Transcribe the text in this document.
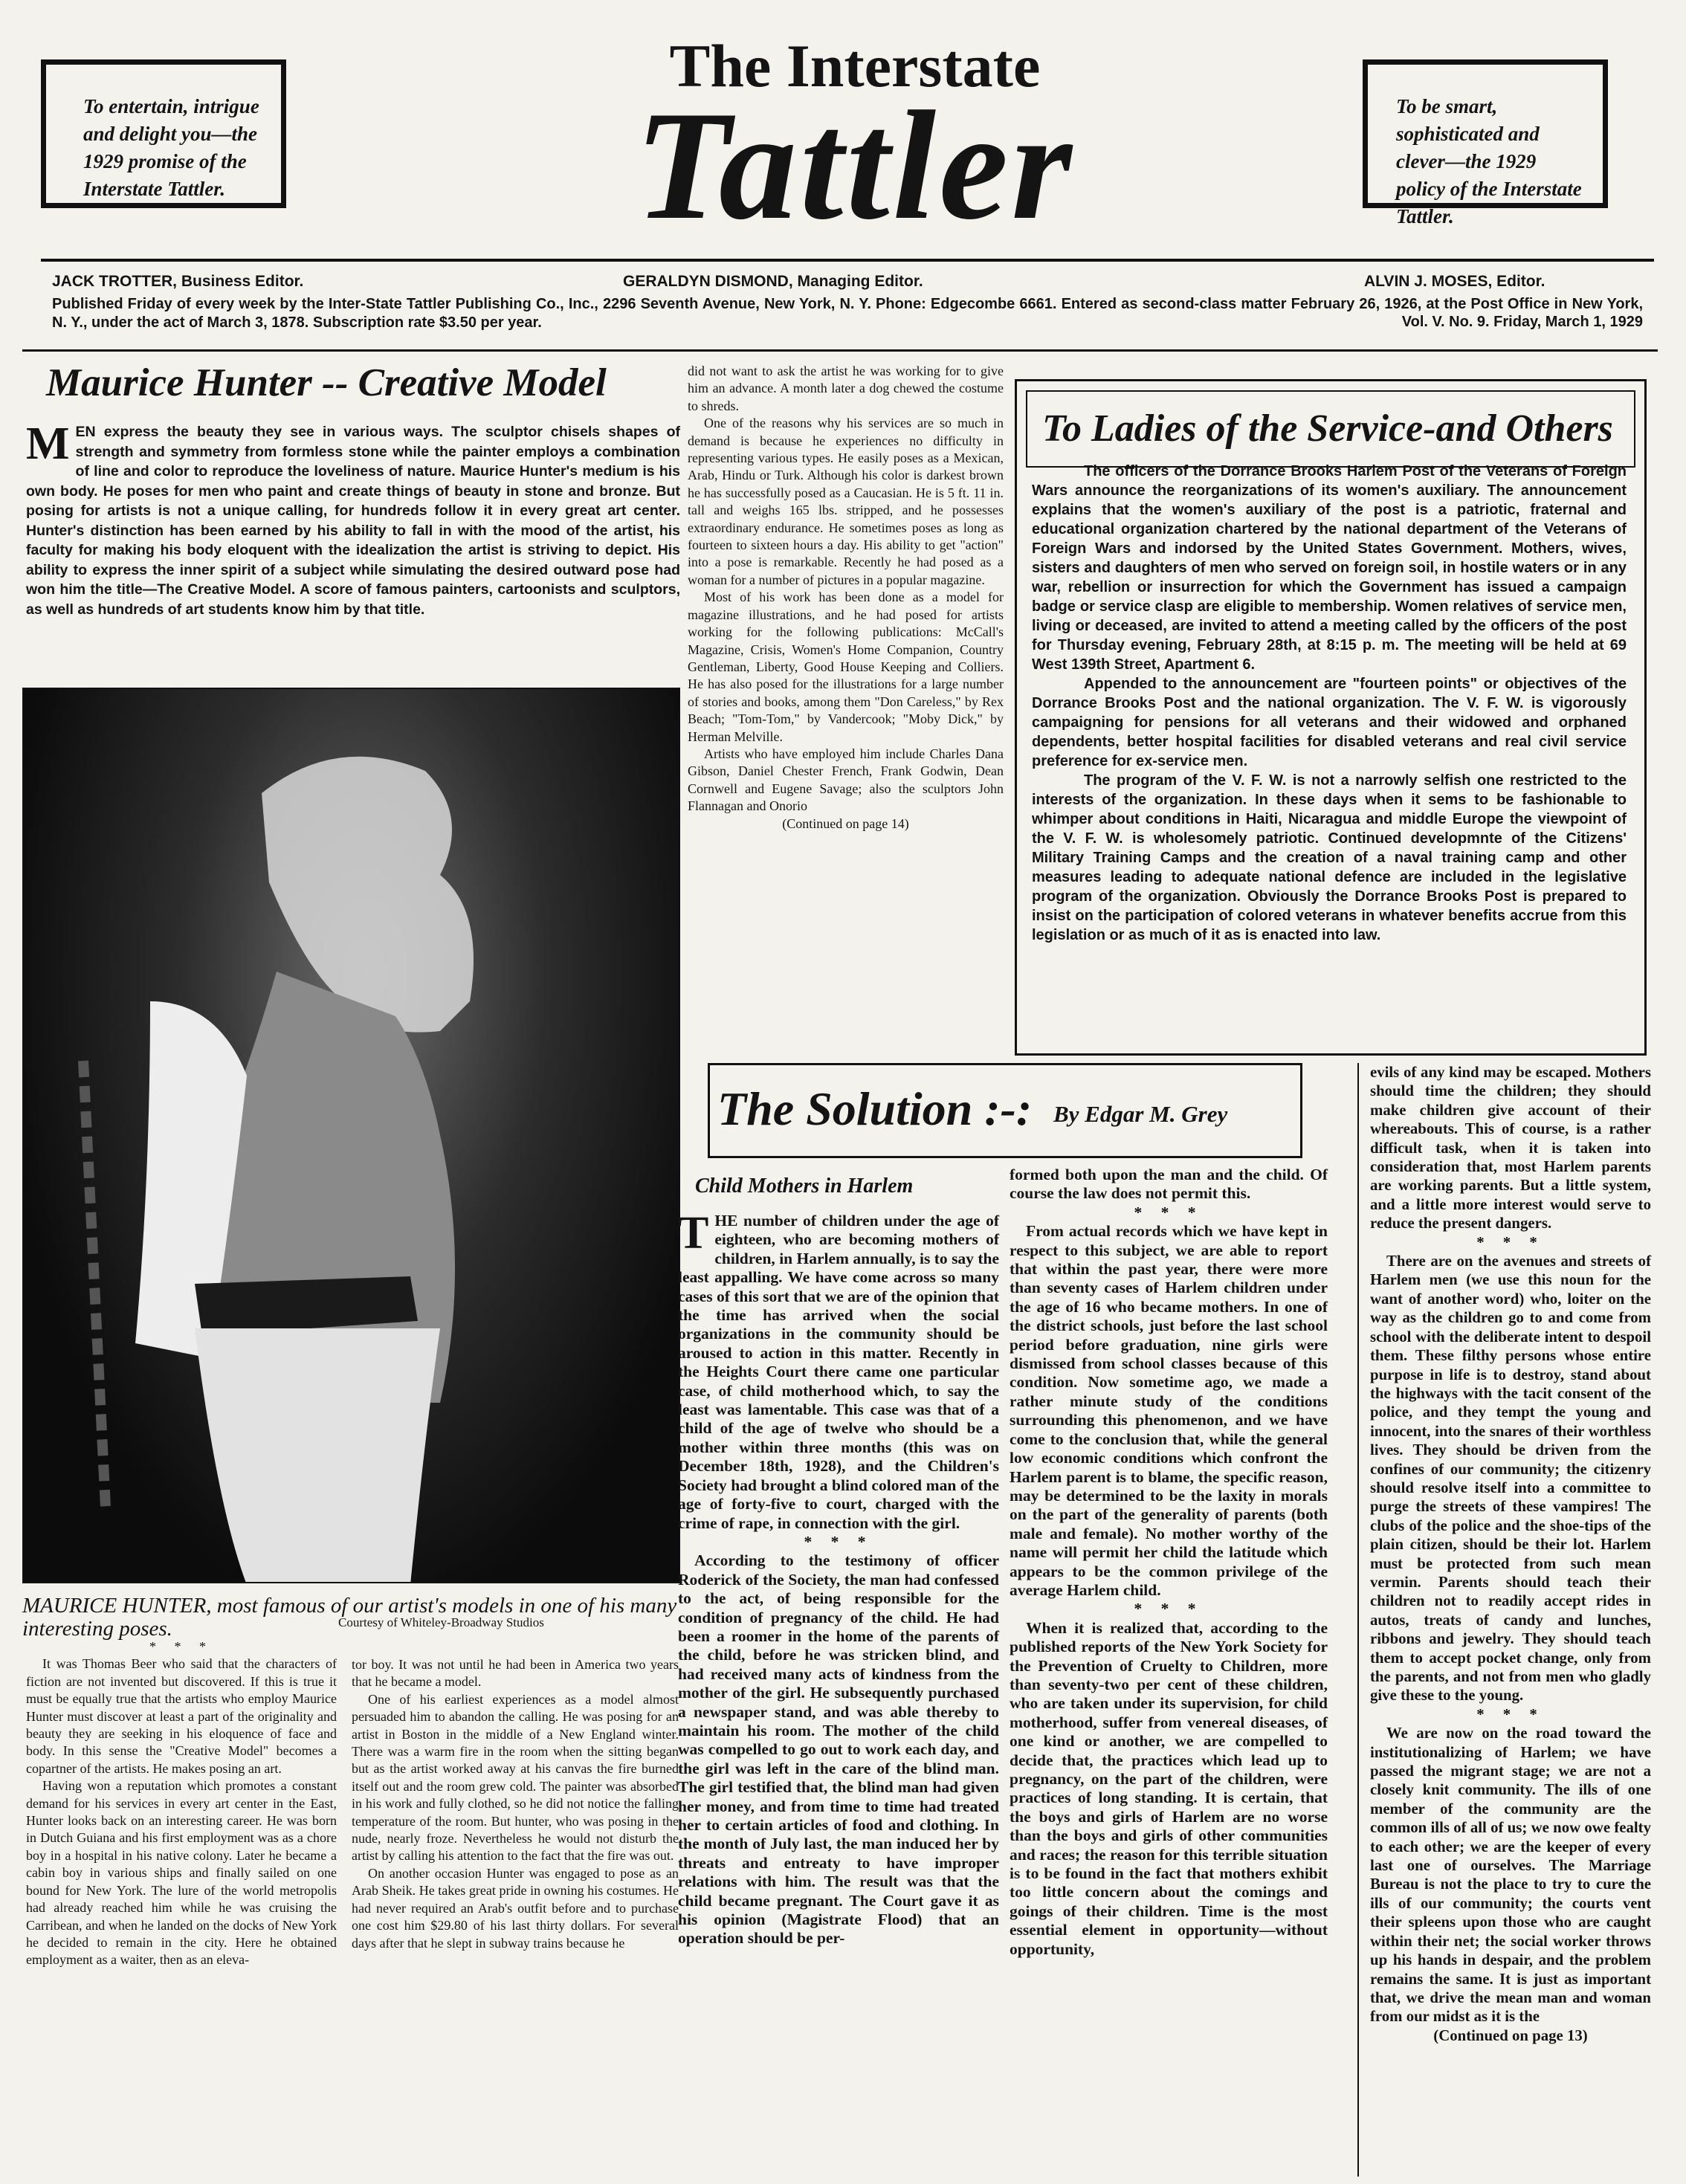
To entertain, intrigue and delight you—the 1929 promise of the Interstate Tattler.
The Interstate
Tattler	To be smart, sophisticated and clever—the 1929 policy of the Interstate Tattler.
JACK TROTTER, Business Editor.	GERALDYN DISMOND, Managing Editor.	ALVIN J. MOSES, Editor.
Published Friday of every week by the Inter-State Tattler Publishing Co., Inc., 2296 Seventh Avenue, New York, N. Y. Phone: Edgecombe 6661. Entered as second-class matter February 26, 1926, at the Post Office in New York, N. Y., under the act of March 3, 1878. Subscription rate $3.50 per year.	Vol. V. No. 9. Friday, March 1, 1929
Maurice Hunter -- Creative Model

MEN express the beauty they see in various ways. The sculptor chisels shapes of strength and symmetry from formless stone while the painter employs a combination of line and color to reproduce the loveliness of nature. Maurice Hunter's medium is his own body. He poses for men who paint and create things of beauty in stone and bronze. But posing for artists is not a unique calling, for hundreds follow it in every great art center. Hunter's distinction has been earned by his ability to fall in with the mood of the artist, his faculty for making his body eloquent with the idealization the artist is striving to depict. His ability to express the inner spirit of a subject while simulating the desired outward pose had won him the title—The Creative Model. A score of famous painters, cartoonists and sculptors, as well as hundreds of art students know him by that title.

MAURICE HUNTER, most famous of our artist's models in one of his many interesting poses.	Courtesy of Whiteley-Broadway Studios

* * *

It was Thomas Beer who said that the characters of fiction are not invented but discovered. If this is true it must be equally true that the artists who employ Maurice Hunter must discover at least a part of the originality and beauty they are seeking in his eloquence of face and body. In this sense the "Creative Model" becomes a copartner of the artists. He makes posing an art.

Having won a reputation which promotes a constant demand for his services in every art center in the East, Hunter looks back on an interesting career. He was born in Dutch Guiana and his first employment was as a chore boy in a hospital in his native colony. Later he became a cabin boy in various ships and finally sailed on one bound for New York. The lure of the world metropolis had already reached him while he was cruising the Carribean, and when he landed on the docks of New York he decided to remain in the city. Here he obtained employment as a waiter, then as an eleva-

tor boy. It was not until he had been in America two years that he became a model.

One of his earliest experiences as a model almost persuaded him to abandon the calling. He was posing for an artist in Boston in the middle of a New England winter. There was a warm fire in the room when the sitting began but as the artist worked away at his canvas the fire burned itself out and the room grew cold. The painter was absorbed in his work and fully clothed, so he did not notice the falling temperature of the room. But hunter, who was posing in the nude, nearly froze. Nevertheless he would not disturb the artist by calling his attention to the fact that the fire was out.

On another occasion Hunter was engaged to pose as an Arab Sheik. He takes great pride in owning his costumes. He had never required an Arab's outfit before and to purchase one cost him $29.80 of his last thirty dollars. For several days after that he slept in subway trains because he

did not want to ask the artist he was working for to give him an advance. A month later a dog chewed the costume to shreds.

One of the reasons why his services are so much in demand is because he experiences no difficulty in representing various types. He easily poses as a Mexican, Arab, Hindu or Turk. Although his color is darkest brown he has successfully posed as a Caucasian. He is 5 ft. 11 in. tall and weighs 165 lbs. stripped, and he possesses extraordinary endurance. He sometimes poses as long as fourteen to sixteen hours a day. His ability to get "action" into a pose is remarkable. Recently he had posed as a woman for a number of pictures in a popular magazine.

Most of his work has been done as a model for magazine illustrations, and he had posed for artists working for the following publications: McCall's Magazine, Crisis, Women's Home Companion, Country Gentleman, Liberty, Good House Keeping and Colliers. He has also posed for the illustrations for a large number of stories and books, among them "Don Careless," by Rex Beach; "Tom-Tom," by Vandercook; "Moby Dick," by Herman Melville.

Artists who have employed him include Charles Dana Gibson, Daniel Chester French, Frank Godwin, Dean Cornwell and Eugene Savage; also the sculptors John Flannagan and Onorio

(Continued on page 14)

To Ladies of the Service-and Others

The officers of the Dorrance Brooks Harlem Post of the Veterans of Foreign Wars announce the reorganizations of its women's auxiliary. The announcement explains that the women's auxiliary of the post is a patriotic, fraternal and educational organization chartered by the national department of the Veterans of Foreign Wars and indorsed by the United States Government. Mothers, wives, sisters and daughters of men who served on foreign soil, in hostile waters or in any war, rebellion or insurrection for which the Government has issued a campaign badge or service clasp are eligible to membership. Women relatives of service men, living or deceased, are invited to attend a meeting called by the officers of the post for Thursday evening, February 28th, at 8:15 p. m. The meeting will be held at 69 West 139th Street, Apartment 6.

Appended to the announcement are "fourteen points" or objectives of the Dorrance Brooks Post and the national organization. The V. F. W. is vigorously campaigning for pensions for all veterans and their widowed and orphaned dependents, better hospital facilities for disabled veterans and real civil service preference for ex-service men.

The program of the V. F. W. is not a narrowly selfish one restricted to the interests of the organization. In these days when it sems to be fashionable to whimper about conditions in Haiti, Nicaragua and middle Europe the viewpoint of the V. F. W. is wholesomely patriotic. Continued developmnte of the Citizens' Military Training Camps and the creation of a naval training camp and other measures leading to adequate national defence are included in the legislative program of the organization. Obviously the Dorrance Brooks Post is prepared to insist on the participation of colored veterans in whatever benefits accrue from this legislation or as much of it as is enacted into law.

The Solution :-: By Edgar M. Grey
Child Mothers in Harlem

THE number of children under the age of eighteen, who are becoming mothers of children, in Harlem annually, is to say the least appalling. We have come across so many cases of this sort that we are of the opinion that the time has arrived when the social organizations in the community should be aroused to action in this matter. Recently in the Heights Court there came one particular case, of child motherhood which, to say the least was lamentable. This case was that of a child of the age of twelve who should be a mother within three months (this was on December 18th, 1928), and the Children's Society had brought a blind colored man of the age of forty-five to court, charged with the crime of rape, in connection with the girl.

* * *

According to the testimony of officer Roderick of the Society, the man had confessed to the act, of being responsible for the condition of pregnancy of the child. He had been a roomer in the home of the parents of the child, before he was stricken blind, and had received many acts of kindness from the mother of the girl. He subsequently purchased a newspaper stand, and was able thereby to maintain his room. The mother of the child was compelled to go out to work each day, and the girl was left in the care of the blind man. The girl testified that, the blind man had given her money, and from time to time had treated her to certain articles of food and clothing. In the month of July last, the man induced her by threats and entreaty to have improper relations with him. The result was that the child became pregnant. The Court gave it as his opinion (Magistrate Flood) that an operation should be per-

formed both upon the man and the child. Of course the law does not permit this.

* * *

From actual records which we have kept in respect to this subject, we are able to report that within the past year, there were more than seventy cases of Harlem children under the age of 16 who became mothers. In one of the district schools, just before the last school period before graduation, nine girls were dismissed from school classes because of this condition. Now sometime ago, we made a rather minute study of the conditions surrounding this phenomenon, and we have come to the conclusion that, while the general low economic conditions which confront the Harlem parent is to blame, the specific reason, may be determined to be the laxity in morals on the part of the generality of parents (both male and female). No mother worthy of the name will permit her child the latitude which appears to be the common privilege of the average Harlem child.

* * *

When it is realized that, according to the published reports of the New York Society for the Prevention of Cruelty to Children, more than seventy-two per cent of these children, who are taken under its supervision, for child motherhood, suffer from venereal diseases, of one kind or another, we are compelled to decide that, the practices which lead up to pregnancy, on the part of the children, were practices of long standing. It is certain, that the boys and girls of Harlem are no worse than the boys and girls of other communities and races; the reason for this terrible situation is to be found in the fact that mothers exhibit too little concern about the comings and goings of their children. Time is the most essential element in opportunity—without opportunity,

evils of any kind may be escaped. Mothers should time the children; they should make children give account of their whereabouts. This of course, is a rather difficult task, when it is taken into consideration that, most Harlem parents are working parents. But a little system, and a little more interest would serve to reduce the present dangers.

* * *

There are on the avenues and streets of Harlem men (we use this noun for the want of another word) who, loiter on the way as the children go to and come from school with the deliberate intent to despoil them. These filthy persons whose entire purpose in life is to destroy, stand about the highways with the tacit consent of the police, and they tempt the young and innocent, into the snares of their worthless lives. They should be driven from the confines of our community; the citizenry should resolve itself into a committee to purge the streets of these vampires! The clubs of the police and the shoe-tips of the plain citizen, should be their lot. Harlem must be protected from such mean vermin. Parents should teach their children not to readily accept rides in autos, treats of candy and lunches, ribbons and jewelry. They should teach them to accept pocket change, only from the parents, and not from men who gladly give these to the young.

* * *

We are now on the road toward the institutionalizing of Harlem; we have passed the migrant stage; we are not a closely knit community. The ills of one member of the community are the common ills of all of us; we now owe fealty to each other; we are the keeper of every last one of ourselves. The Marriage Bureau is not the place to try to cure the ills of our community; the courts vent their spleens upon those who are caught within their net; the social worker throws up his hands in despair, and the problem remains the same. It is just as important that, we drive the mean man and woman from our midst as it is the

(Continued on page 13)
